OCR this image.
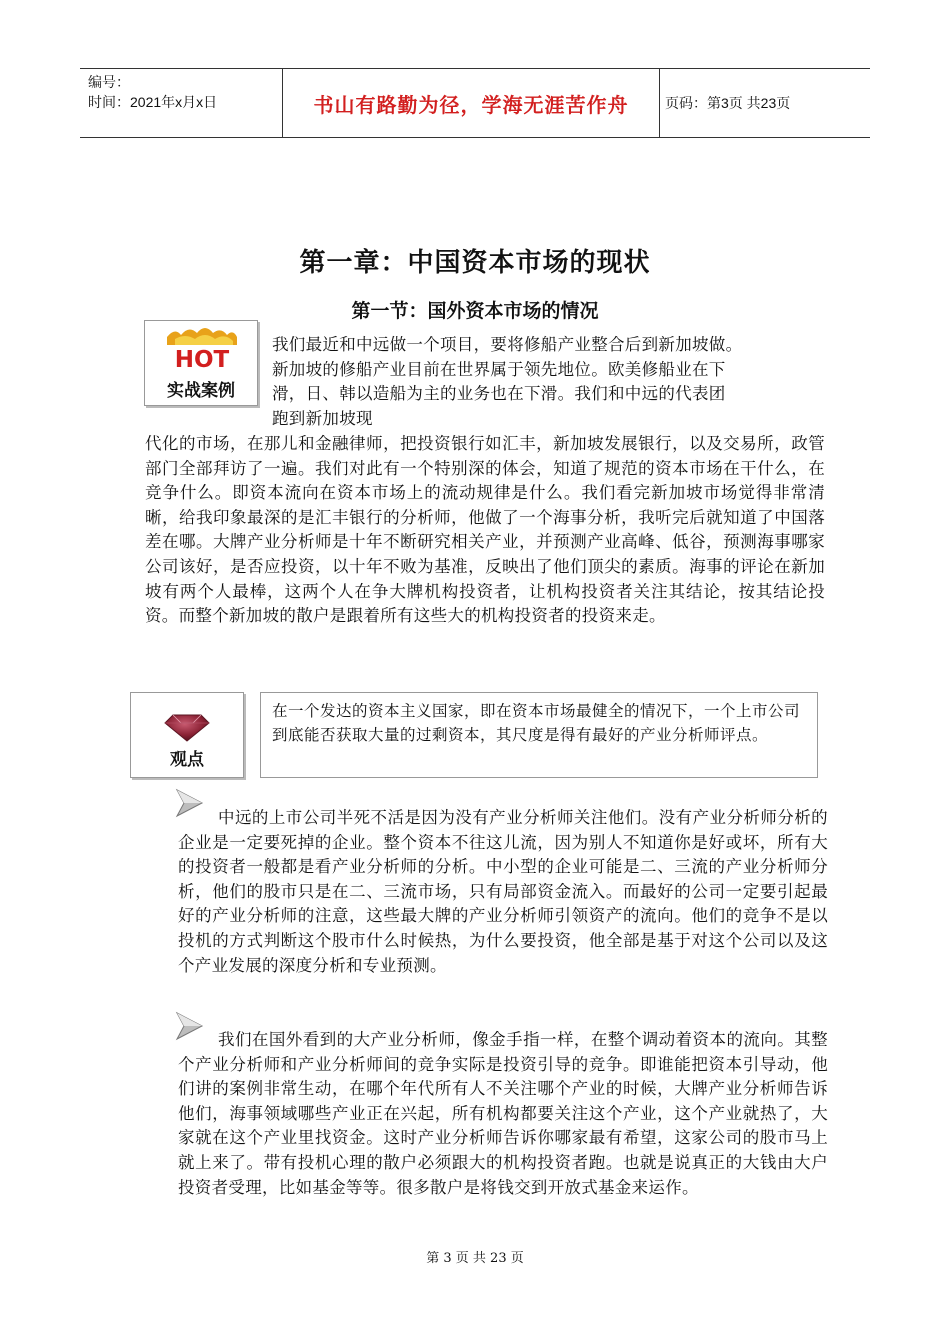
编号：
时间：2021年x月x日	书山有路勤为径，学海无涯苦作舟	页码：第3页 共23页
第一章：中国资本市场的现状
第一节：国外资本市场的情况
HOT
实战案例
我们最近和中远做一个项目，要将修船产业整合后到新加坡做。
新加坡的修船产业目前在世界属于领先地位。欧美修船业在下
滑，日、韩以造船为主的业务也在下滑。我们和中远的代表团
跑到新加坡现
代化的市场，在那儿和金融律师，把投资银行如汇丰，新加坡发展银行，以及交易所，政管部门全部拜访了一遍。我们对此有一个特别深的体会，知道了规范的资本市场在干什么，在竞争什么。即资本流向在资本市场上的流动规律是什么。我们看完新加坡市场觉得非常清晰，给我印象最深的是汇丰银行的分析师，他做了一个海事分析，我听完后就知道了中国落差在哪。大牌产业分析师是十年不断研究相关产业，并预测产业高峰、低谷，预测海事哪家公司该好，是否应投资，以十年不败为基准，反映出了他们顶尖的素质。海事的评论在新加坡有两个人最棒，这两个人在争大牌机构投资者，让机构投资者关注其结论，按其结论投资。而整个新加坡的散户是跟着所有这些大的机构投资者的投资来走。
观点
在一个发达的资本主义国家，即在资本市场最健全的情况下，一个上市公司到底能否获取大量的过剩资本，其尺度是得有最好的产业分析师评点。
中远的上市公司半死不活是因为没有产业分析师关注他们。没有产业分析师分析的企业是一定要死掉的企业。整个资本不往这儿流，因为别人不知道你是好或坏，所有大的投资者一般都是看产业分析师的分析。中小型的企业可能是二、三流的产业分析师分析，他们的股市只是在二、三流市场，只有局部资金流入。而最好的公司一定要引起最好的产业分析师的注意，这些最大牌的产业分析师引领资产的流向。他们的竞争不是以投机的方式判断这个股市什么时候热，为什么要投资，他全部是基于对这个公司以及这个产业发展的深度分析和专业预测。
我们在国外看到的大产业分析师，像金手指一样，在整个调动着资本的流向。其整个产业分析师和产业分析师间的竞争实际是投资引导的竞争。即谁能把资本引导动，他们讲的案例非常生动，在哪个年代所有人不关注哪个产业的时候，大牌产业分析师告诉他们，海事领域哪些产业正在兴起，所有机构都要关注这个产业，这个产业就热了，大家就在这个产业里找资金。这时产业分析师告诉你哪家最有希望，这家公司的股市马上就上来了。带有投机心理的散户必须跟大的机构投资者跑。也就是说真正的大钱由大户投资者受理，比如基金等等。很多散户是将钱交到开放式基金来运作。
第 3 页 共 23 页
